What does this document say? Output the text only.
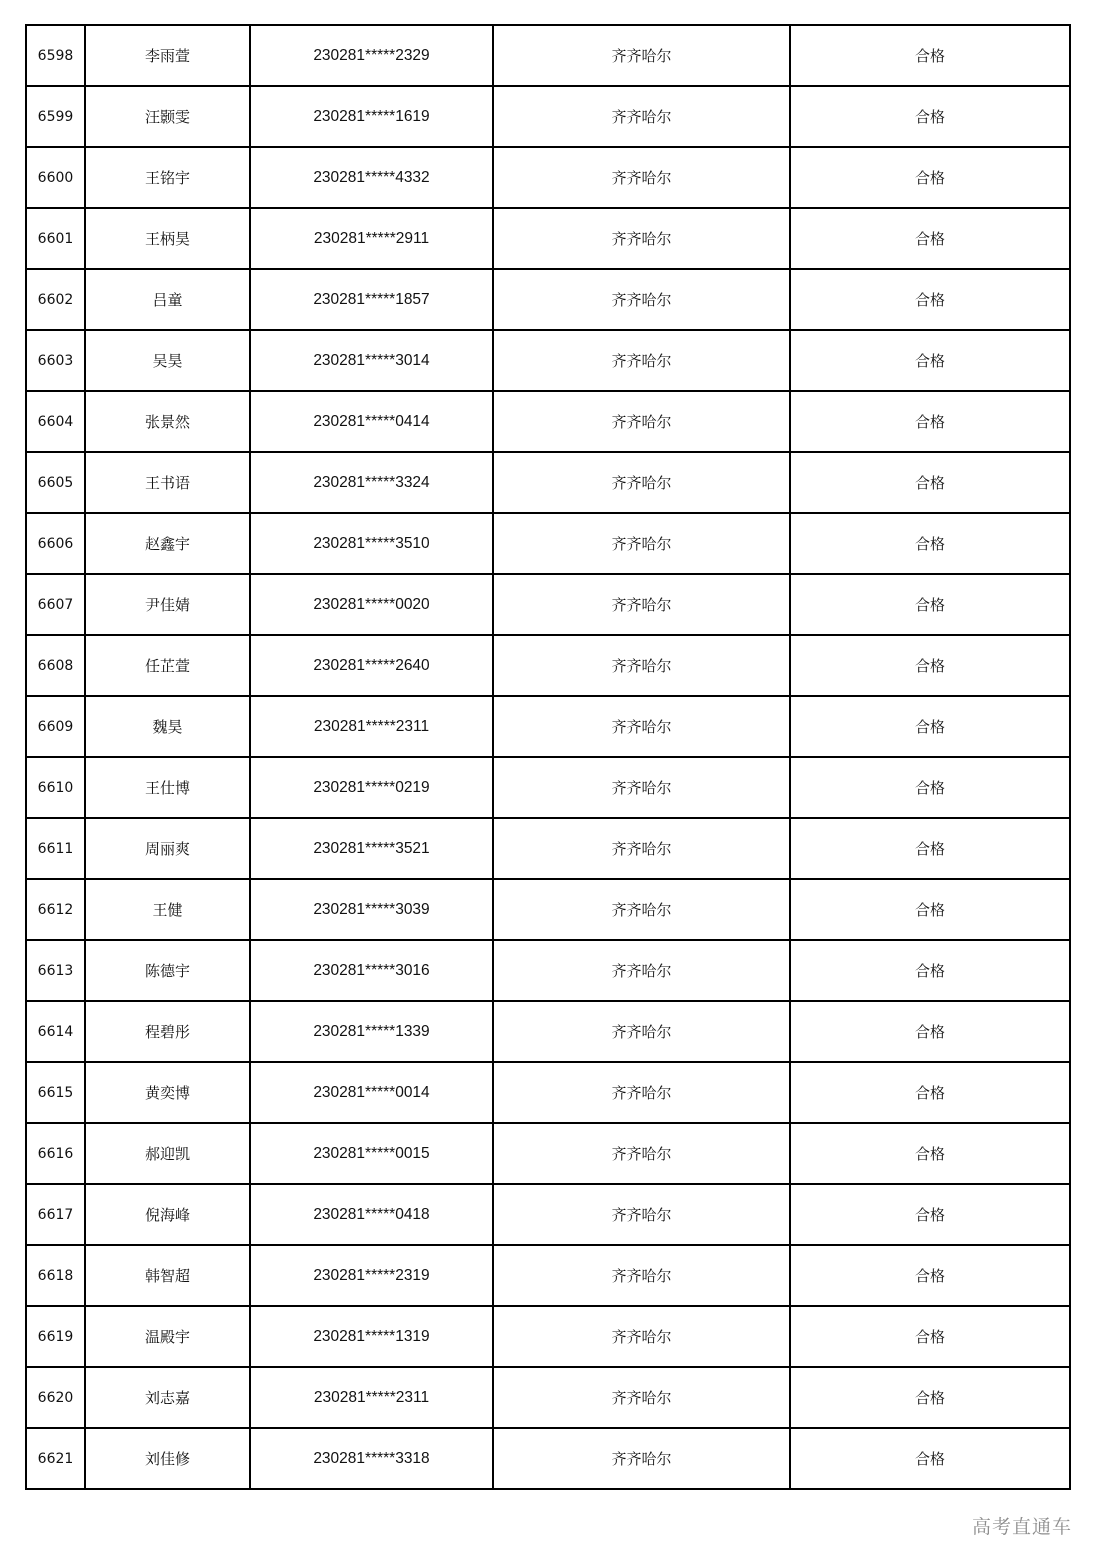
6598	李雨萱	230281*****2329	齐齐哈尔	合格
6599	汪颢雯	230281*****1619	齐齐哈尔	合格
6600	王铭宇	230281*****4332	齐齐哈尔	合格
6601	王柄昊	230281*****2911	齐齐哈尔	合格
6602	吕童	230281*****1857	齐齐哈尔	合格
6603	吴昊	230281*****3014	齐齐哈尔	合格
6604	张景然	230281*****0414	齐齐哈尔	合格
6605	王书语	230281*****3324	齐齐哈尔	合格
6606	赵鑫宇	230281*****3510	齐齐哈尔	合格
6607	尹佳婧	230281*****0020	齐齐哈尔	合格
6608	任芷萱	230281*****2640	齐齐哈尔	合格
6609	魏昊	230281*****2311	齐齐哈尔	合格
6610	王仕博	230281*****0219	齐齐哈尔	合格
6611	周丽爽	230281*****3521	齐齐哈尔	合格
6612	王健	230281*****3039	齐齐哈尔	合格
6613	陈德宇	230281*****3016	齐齐哈尔	合格
6614	程碧彤	230281*****1339	齐齐哈尔	合格
6615	黄奕博	230281*****0014	齐齐哈尔	合格
6616	郝迎凯	230281*****0015	齐齐哈尔	合格
6617	倪海峰	230281*****0418	齐齐哈尔	合格
6618	韩智超	230281*****2319	齐齐哈尔	合格
6619	温殿宇	230281*****1319	齐齐哈尔	合格
6620	刘志嘉	230281*****2311	齐齐哈尔	合格
6621	刘佳修	230281*****3318	齐齐哈尔	合格
高考直通车
